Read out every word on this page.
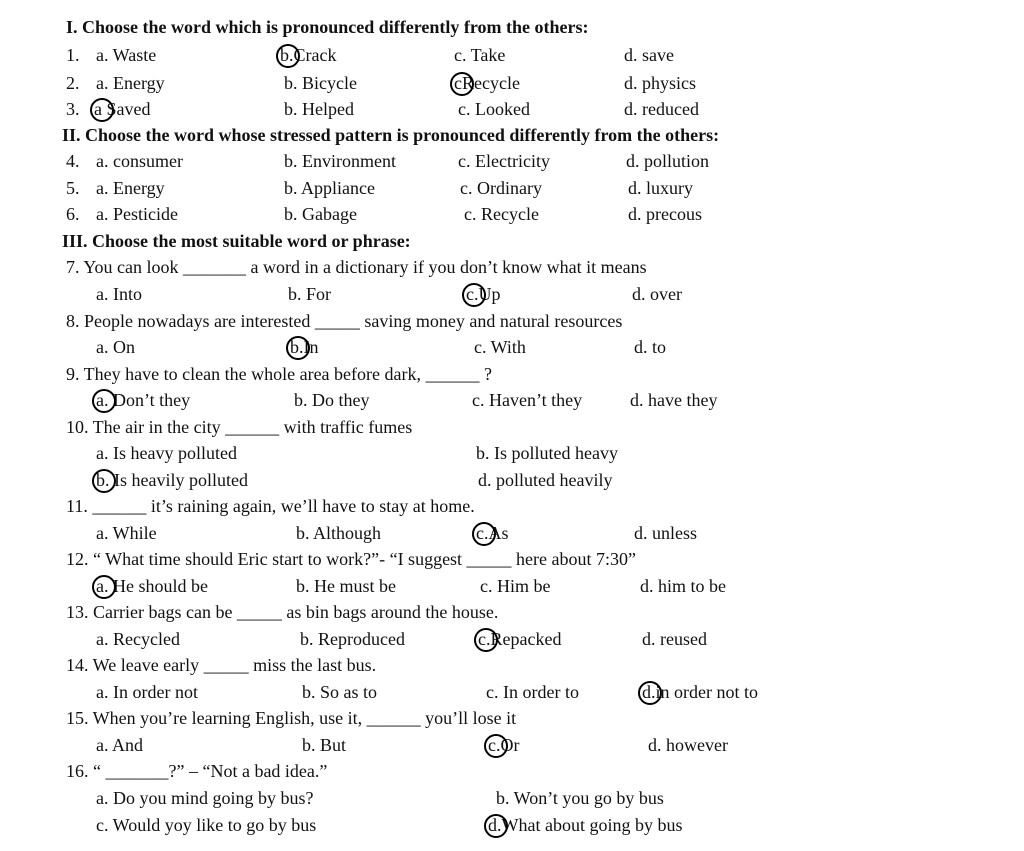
I. Choose the word which is pronounced differently from the others:
1. a. Waste	b.Crack	c. Take	d. save
2. a. Energy	b. Bicycle	cRecycle	d. physics
3. a Saved	b. Helped	c. Looked	d. reduced
II. Choose the word whose stressed pattern is pronounced differently from the others:
4. a. consumer	b. Environment	c. Electricity	d. pollution
5. a. Energy	b. Appliance	c. Ordinary	d. luxury
6. a. Pesticide	b. Gabage	c. Recycle	d. precous
III. Choose the most suitable word or phrase:
7. You can look _______ a word in a dictionary if you don’t know what it means
a. Into	b. For	c.Up	d. over
8. People nowadays are interested _____ saving money and natural resources
a. On	b.In	c. With	d. to
9. They have to clean the whole area before dark, ______ ?
a. Don’t they	b. Do they	c. Haven’t they	d. have they
10. The air in the city ______ with traffic fumes
a. Is heavy polluted	b. Is polluted heavy
b. Is heavily polluted	d. polluted heavily
11. ______ it’s raining again, we’ll have to stay at home.
a. While	b. Although	c.As	d. unless
12. “ What time should Eric start to work?”- “I suggest _____ here about 7:30”
a. He should be	b. He must be	c. Him be	d. him to be
13. Carrier bags can be _____ as bin bags around the house.
a. Recycled	b. Reproduced	c.Repacked	d. reused
14. We leave early _____ miss the last bus.
a. In order not	b. So as to	c. In order to	d.in order not to
15. When you’re learning English, use it, ______ you’ll lose it
a. And	b. But	c.Or	d. however
16. “ _______?” – “Not a bad idea.”
a. Do you mind going by bus?	b. Won’t you go by bus
c. Would yoy like to go by bus	d.What about going by bus
